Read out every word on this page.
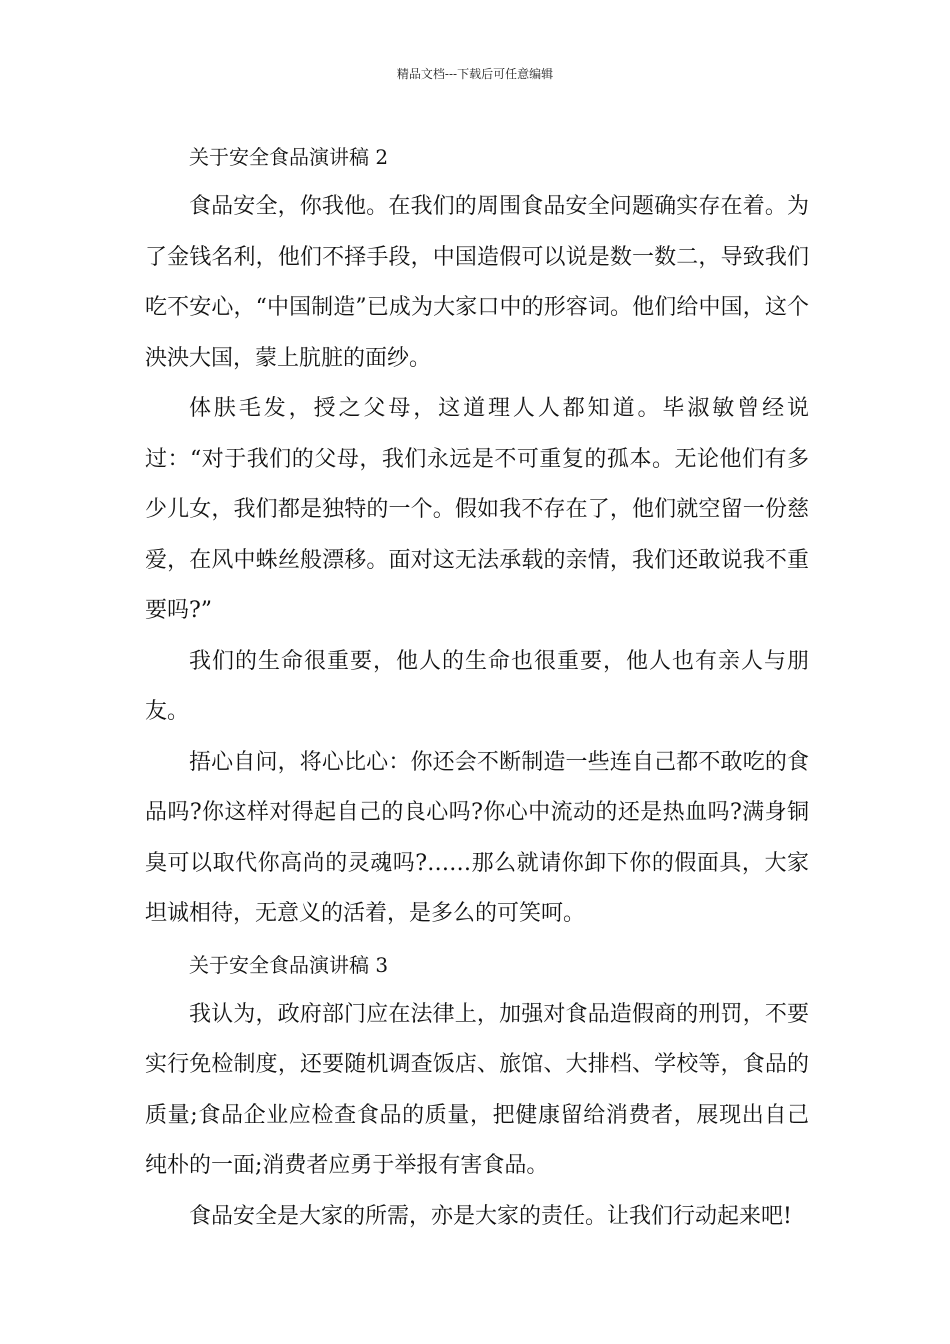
精品文档---下载后可任意编辑

关于安全食品演讲稿 2

食品安全，你我他。在我们的周围食品安全问题确实存在着。为了金钱名利，他们不择手段，中国造假可以说是数一数二，导致我们吃不安心，“中国制造”已成为大家口中的形容词。他们给中国，这个泱泱大国，蒙上肮脏的面纱。

体肤毛发，授之父母，这道理人人都知道。毕淑敏曾经说过：“对于我们的父母，我们永远是不可重复的孤本。无论他们有多少儿女，我们都是独特的一个。假如我不存在了，他们就空留一份慈爱，在风中蛛丝般漂移。面对这无法承载的亲情，我们还敢说我不重要吗?”

我们的生命很重要，他人的生命也很重要，他人也有亲人与朋友。

捂心自问，将心比心：你还会不断制造一些连自己都不敢吃的食品吗?你这样对得起自己的良心吗?你心中流动的还是热血吗?满身铜臭可以取代你高尚的灵魂吗?……那么就请你卸下你的假面具，大家坦诚相待，无意义的活着，是多么的可笑呵。

关于安全食品演讲稿 3

我认为，政府部门应在法律上，加强对食品造假商的刑罚，不要实行免检制度，还要随机调查饭店、旅馆、大排档、学校等，食品的质量;食品企业应检查食品的质量，把健康留给消费者，展现出自己纯朴的一面;消费者应勇于举报有害食品。

食品安全是大家的所需，亦是大家的责任。让我们行动起来吧!
